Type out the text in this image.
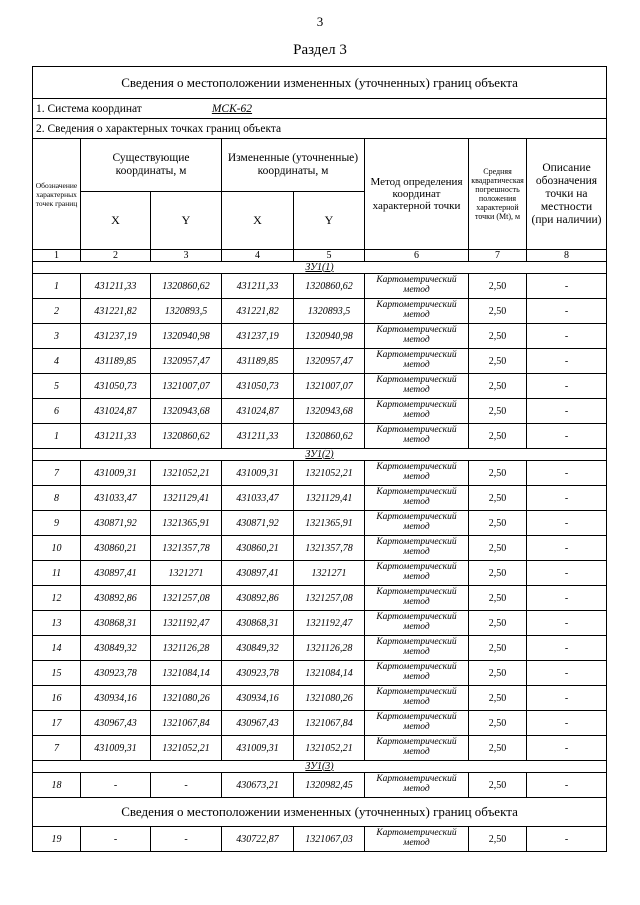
3
Раздел 3
Сведения о местоположении измененных (уточненных) границ объекта							
1. Система координат МСК-62							
2. Сведения о характерных точках границ объекта							
Обозначение характерных точек границ	Существующие координаты, м		Измененные (уточненные) координаты, м		Метод определения координат характерной точки	Средняя квадратическая погрешность положения характерной точки (Mt), м	Описание обозначения точки на местности (при наличии)
	X	Y	X	Y			
1	2	3	4	5	6	7	8
ЗУ1(1)							
1	431211,33	1320860,62	431211,33	1320860,62	Картометрический метод	2,50	-
2	431221,82	1320893,5	431221,82	1320893,5	Картометрический метод	2,50	-
3	431237,19	1320940,98	431237,19	1320940,98	Картометрический метод	2,50	-
4	431189,85	1320957,47	431189,85	1320957,47	Картометрический метод	2,50	-
5	431050,73	1321007,07	431050,73	1321007,07	Картометрический метод	2,50	-
6	431024,87	1320943,68	431024,87	1320943,68	Картометрический метод	2,50	-
1	431211,33	1320860,62	431211,33	1320860,62	Картометрический метод	2,50	-
ЗУ1(2)							
7	431009,31	1321052,21	431009,31	1321052,21	Картометрический метод	2,50	-
8	431033,47	1321129,41	431033,47	1321129,41	Картометрический метод	2,50	-
9	430871,92	1321365,91	430871,92	1321365,91	Картометрический метод	2,50	-
10	430860,21	1321357,78	430860,21	1321357,78	Картометрический метод	2,50	-
11	430897,41	1321271	430897,41	1321271	Картометрический метод	2,50	-
12	430892,86	1321257,08	430892,86	1321257,08	Картометрический метод	2,50	-
13	430868,31	1321192,47	430868,31	1321192,47	Картометрический метод	2,50	-
14	430849,32	1321126,28	430849,32	1321126,28	Картометрический метод	2,50	-
15	430923,78	1321084,14	430923,78	1321084,14	Картометрический метод	2,50	-
16	430934,16	1321080,26	430934,16	1321080,26	Картометрический метод	2,50	-
17	430967,43	1321067,84	430967,43	1321067,84	Картометрический метод	2,50	-
7	431009,31	1321052,21	431009,31	1321052,21	Картометрический метод	2,50	-
ЗУ1(3)							
18	-	-	430673,21	1320982,45	Картометрический метод	2,50	-
Сведения о местоположении измененных (уточненных) границ объекта							
19	-	-	430722,87	1321067,03	Картометрический метод	2,50	-
